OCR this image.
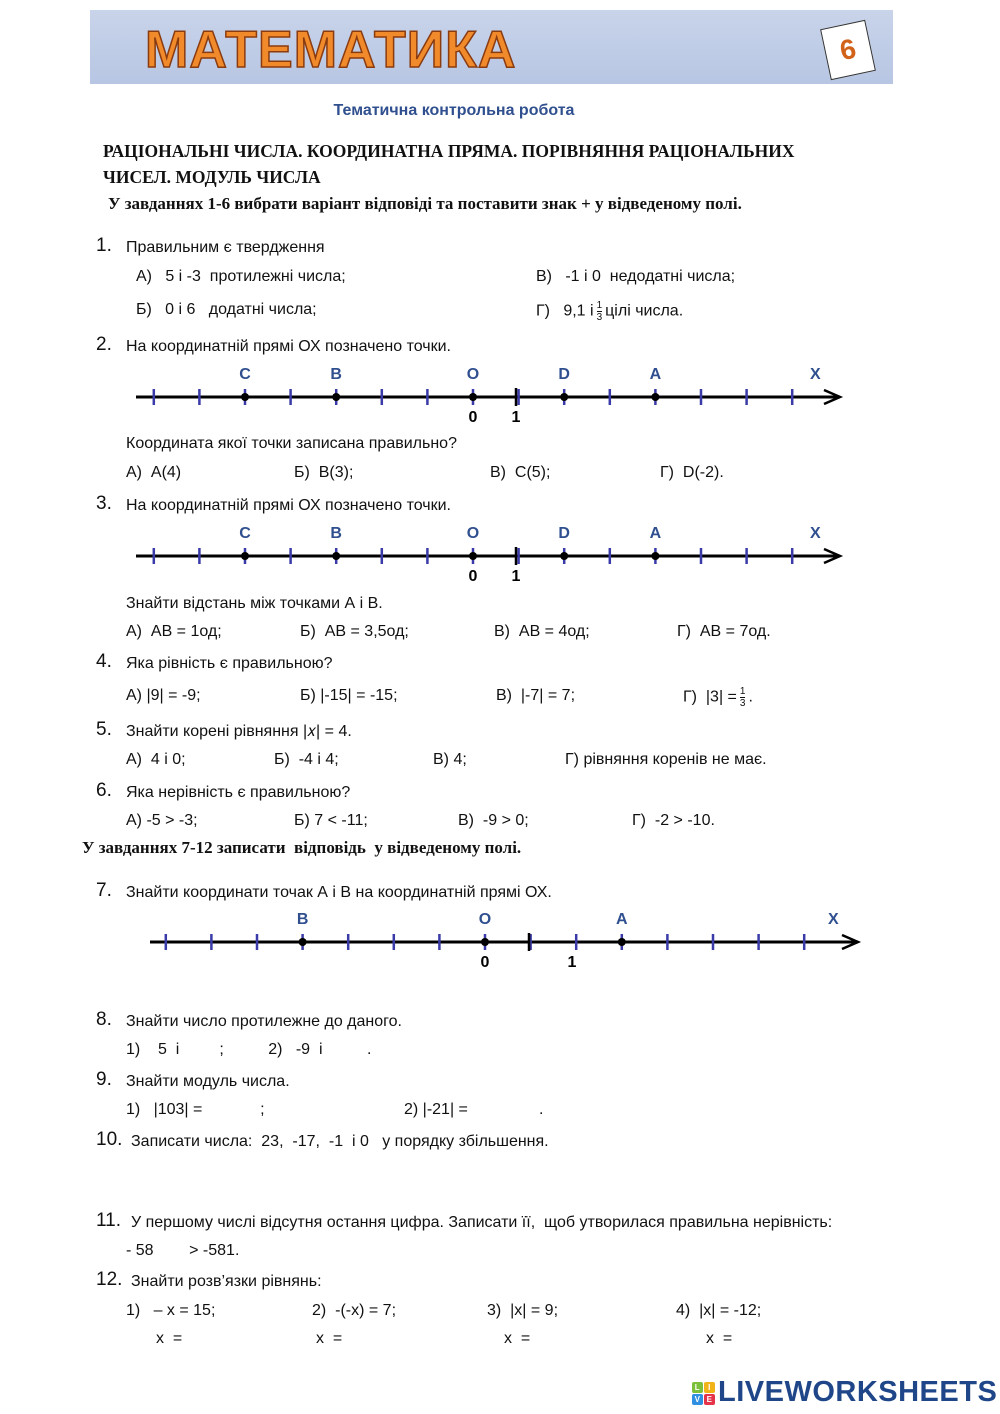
МАТЕМАТИКА	6
Тематична контрольна робота
РАЦІОНАЛЬНІ ЧИСЛА. КООРДИНАТНА ПРЯМА. ПОРІВНЯННЯ РАЦІОНАЛЬНИХ
ЧИСЕЛ. МОДУЛЬ ЧИСЛА
У завданнях 1-6 вибрати варіант відповіді та поставити знак + у відведеному полі.
1. Правильним є твердження
А)   5 і -3  протилежні числа;	В)   -1 і 0  недодатні числа;
Б)   0 і 6   додатні числа;	Г)   9,1 і $\frac{1}{3}$ цілі числа.
2. На координатній прямі ОХ позначено точки.
C	B	O	D	A	X
0 1
Координата якої точки записана правильно?
А)  А(4)	Б)  В(3);	В)  С(5);	Г)  D(-2).
3. На координатній прямі ОХ позначено точки.
C	B	O	D	A	X
0 1
Знайти відстань між точками А і В.
А)  АВ = 1од;	Б)  АВ = 3,5од;	В)  АВ = 4од;	Г)  АВ = 7од.
4. Яка рівність є правильною?
А) |9| = -9;	Б) |-15| = -15;	В)  |-7| = 7;	Г)  $|3| = \frac{1}{3}$ .
5. Знайти корені рівняння |𝑥| = 4.
А)  4 і 0;	Б)  -4 і 4;	В) 4;	Г) рівняння коренів не має.
6. Яка нерівність є правильною?
А) -5 > -3;	Б) 7 < -11;	В)  -9 > 0;	Г)  -2 > -10.
У завданнях 7-12 записати  відповідь  у відведеному полі.
7. Знайти координати точак А і В на координатній прямі ОХ.
B	O	A	X
0	1
8. Знайти число протилежне до даного.
1)    5  і         ;          2)   -9  і          .
9. Знайти модуль числа.
1)   |103| =             ;	2) |-21| =                .
10. Записати числа:  23,  -17,  -1  і 0   у порядку збільшення.
11. У першому числі відсутня остання цифра. Записати її,  щоб утворилася правильна нерівність:
- 58        > -581.
12. Знайти розв’язки рівнянь:
1)   – х = 15;	2)  -(-х) = 7;	3)  |х| = 9;	4)  |х| = -12;
х  =	х  =	х  =	х  =
L I
V E LIVEWORKSHEETS
